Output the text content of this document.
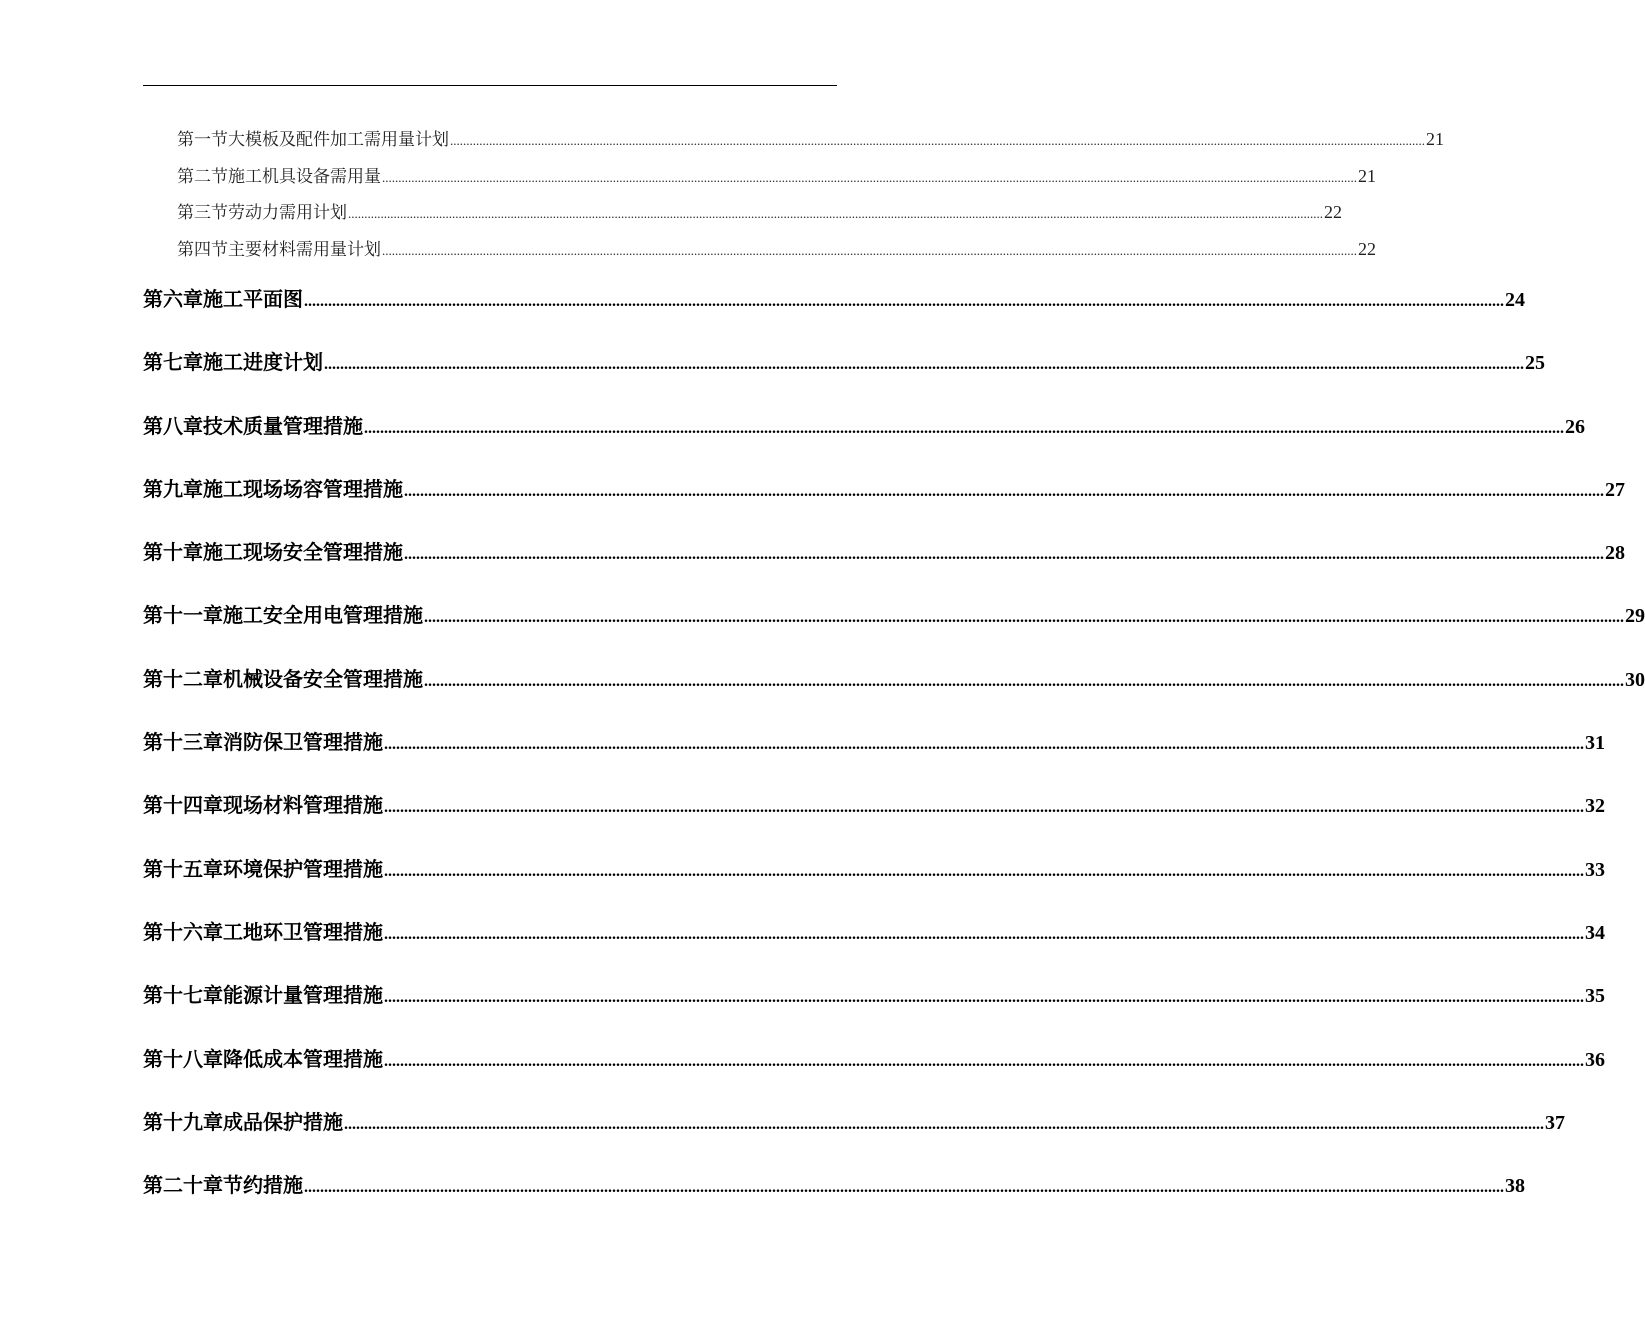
第一节 大模板及配件加工需用量计划 ............................................................................................................................................................................................................................................................................................................ 21
第二节 施工机具设备需用量 ............................................................................................................................................................................................................................................................................................................ 21
第三节 劳动力需用计划 ............................................................................................................................................................................................................................................................................................................ 22
第四节 主要材料需用量计划 ............................................................................................................................................................................................................................................................................................................ 22
第六章 施工平面图 ............................................................................................................................................................................................................................................................................................................ 24
第七章 施工进度计划 ............................................................................................................................................................................................................................................................................................................ 25
第八章 技术质量管理措施 ............................................................................................................................................................................................................................................................................................................ 26
第九章 施工现场场容管理措施 ............................................................................................................................................................................................................................................................................................................ 27
第十章 施工现场安全管理措施 ............................................................................................................................................................................................................................................................................................................ 28
第十一章 施工安全用电管理措施 ............................................................................................................................................................................................................................................................................................................ 29
第十二章 机械设备安全管理措施 ............................................................................................................................................................................................................................................................................................................ 30
第十三章 消防保卫管理措施 ............................................................................................................................................................................................................................................................................................................ 31
第十四章 现场材料管理措施 ............................................................................................................................................................................................................................................................................................................ 32
第十五章 环境保护管理措施 ............................................................................................................................................................................................................................................................................................................ 33
第十六章 工地环卫管理措施 ............................................................................................................................................................................................................................................................................................................ 34
第十七章 能源计量管理措施 ............................................................................................................................................................................................................................................................................................................ 35
第十八章 降低成本管理措施 ............................................................................................................................................................................................................................................................................................................ 36
第十九章 成品保护措施 ............................................................................................................................................................................................................................................................................................................ 37
第二十章 节约措施 ............................................................................................................................................................................................................................................................................................................ 38
